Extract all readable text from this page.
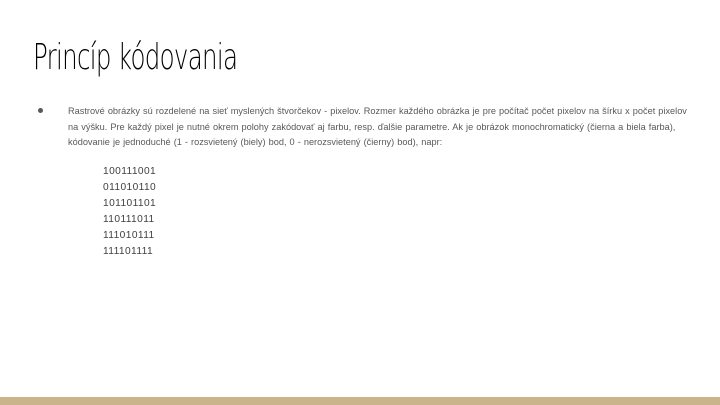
Princíp kódovania
Rastrové obrázky sú rozdelené na sieť myslených štvorčekov - pixelov. Rozmer každého obrázka je pre počítač počet pixelov na šírku x počet pixelov na výšku. Pre každý pixel je nutné okrem polohy zakódovať aj farbu, resp. ďalšie parametre. Ak je obrázok monochromatický (čierna a biela farba), kódovanie je jednoduché (1 - rozsvietený (biely) bod, 0 - nerozsvietený (čierny) bod), napr:
100111001
011010110
101101101
110111011
111010111
111101111
